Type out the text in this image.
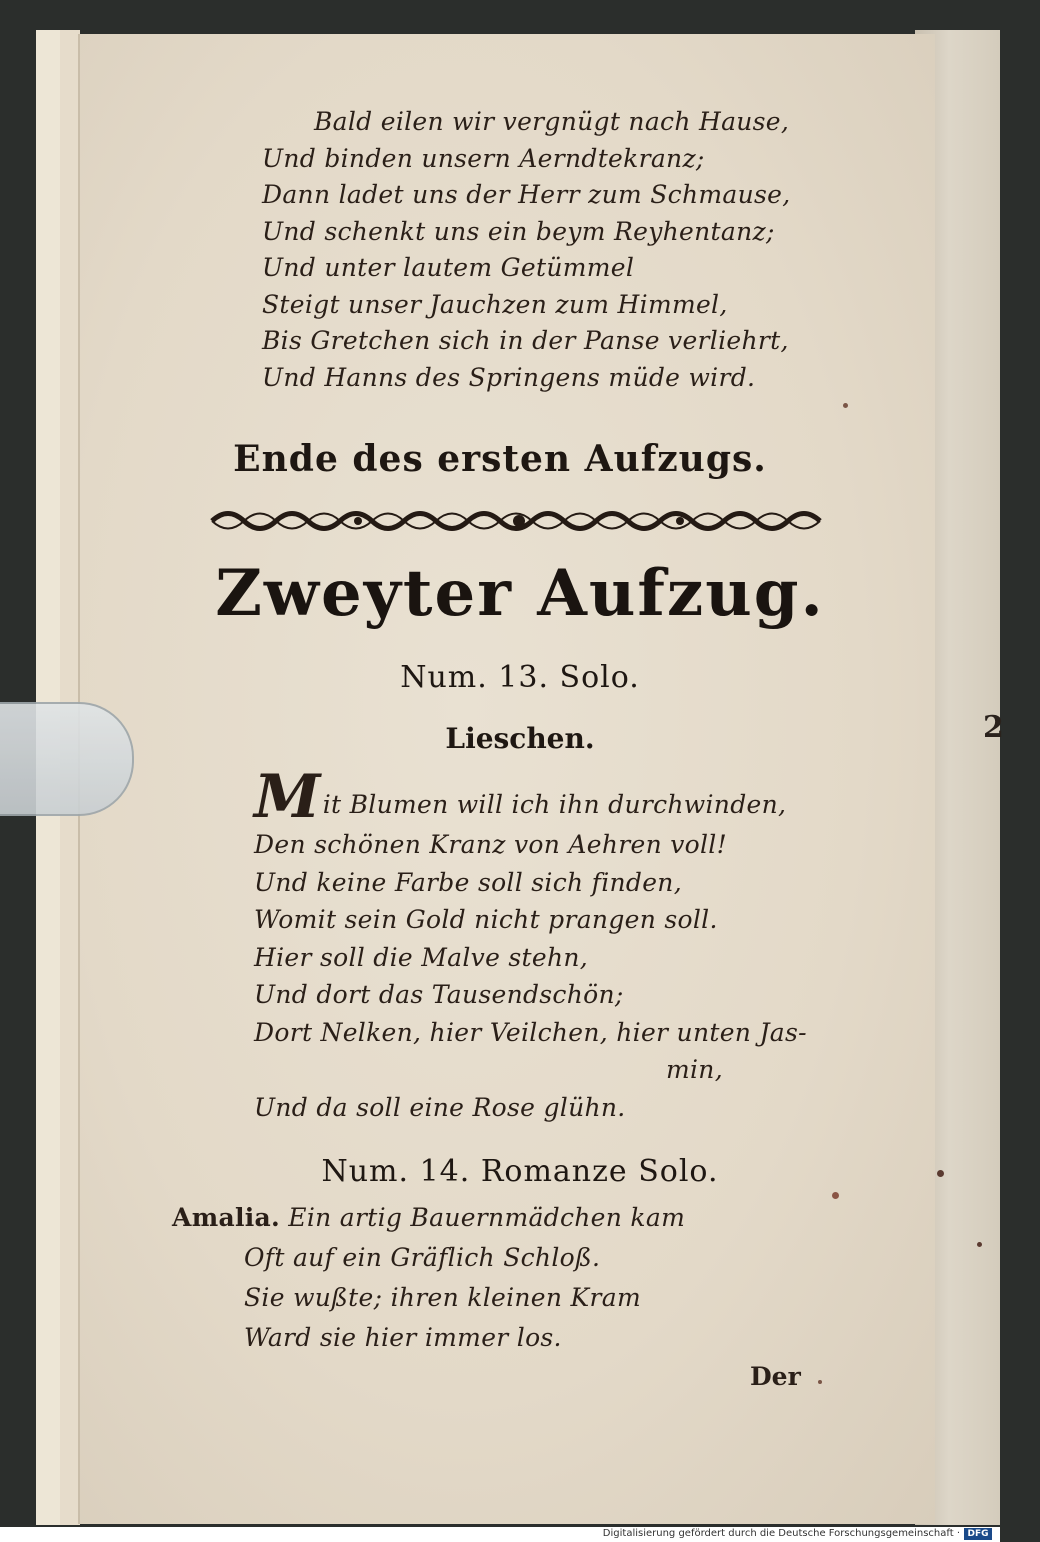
2
Bald eilen wir vergnügt nach Hause,
Und binden unsern Aerndtekranz;
Dann ladet uns der Herr zum Schmause,
Und schenkt uns ein beym Reyhentanz;
Und unter lautem Getümmel
Steigt unser Jauchzen zum Himmel,
Bis Gretchen sich in der Panse verliehrt,
Und Hanns des Springens müde wird.
Ende des ersten Aufzugs.
Zweyter Aufzug.
Num. 13. Solo.
Lieschen.
M it Blumen will ich ihn durchwinden,
Den schönen Kranz von Aehren voll!
Und keine Farbe soll sich finden,
Womit sein Gold nicht prangen soll.
Hier soll die Malve stehn,
Und dort das Tausendschön;
Dort Nelken, hier Veilchen, hier unten Jas-
min,
Und da soll eine Rose glühn.
Num. 14. Romanze Solo.
Amalia. Ein artig Bauernmädchen kam
Oft auf ein Gräflich Schloß.
Sie wußte; ihren kleinen Kram
Ward sie hier immer los.
Der
Digitalisierung gefördert durch die Deutsche Forschungsgemeinschaft · DFG
